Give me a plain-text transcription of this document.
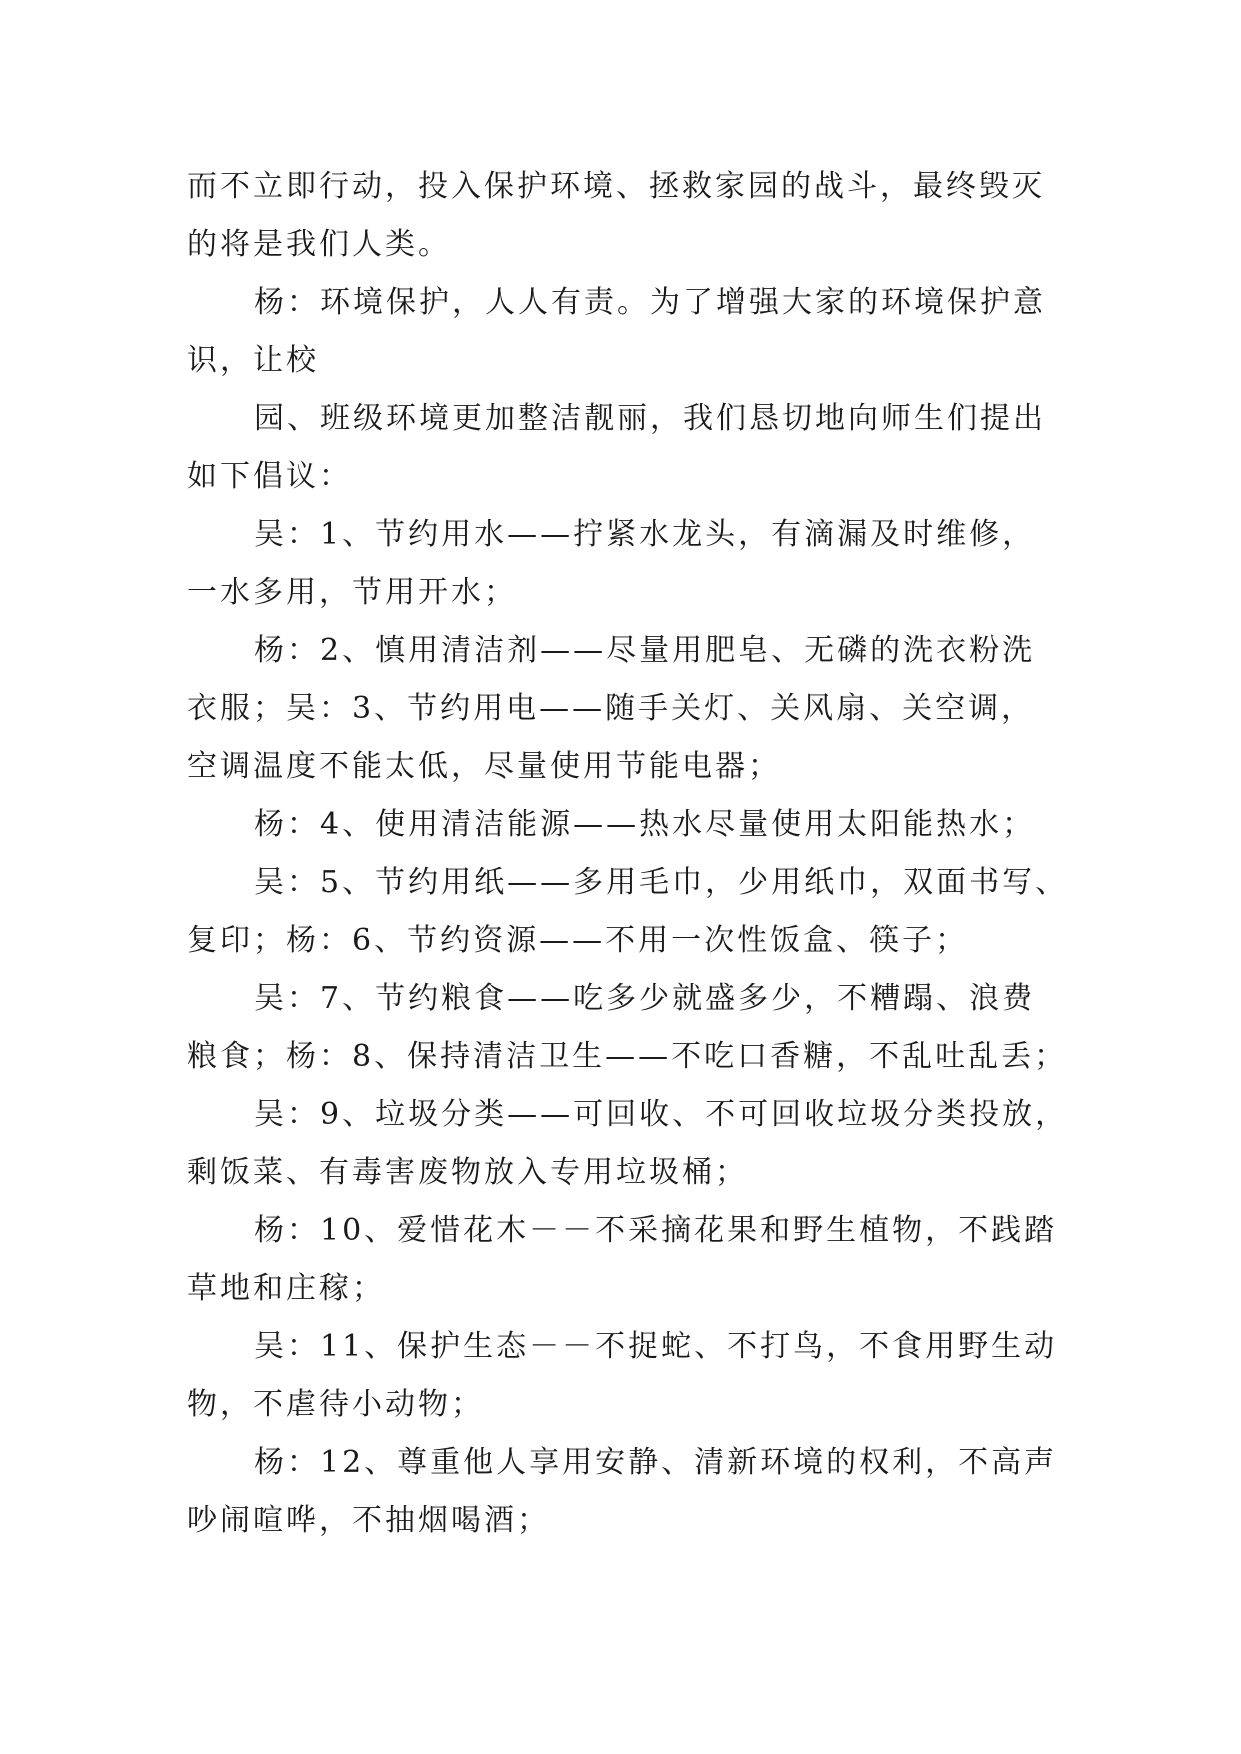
而不立即行动，投入保护环境、拯救家园的战斗，最终毁灭
的将是我们人类。
杨：环境保护，人人有责。为了增强大家的环境保护意
识，让校
园、班级环境更加整洁靓丽，我们恳切地向师生们提出
如下倡议：
吴：1、节约用水——拧紧水龙头，有滴漏及时维修，
一水多用，节用开水；
杨：2、慎用清洁剂——尽量用肥皂、无磷的洗衣粉洗
衣服；吴：3、节约用电——随手关灯、关风扇、关空调，
空调温度不能太低，尽量使用节能电器；
杨：4、使用清洁能源——热水尽量使用太阳能热水；
吴：5、节约用纸——多用毛巾，少用纸巾，双面书写、
复印；杨：6、节约资源——不用一次性饭盒、筷子；
吴：7、节约粮食——吃多少就盛多少，不糟蹋、浪费
粮食；杨：8、保持清洁卫生——不吃口香糖，不乱吐乱丢；
吴：9、垃圾分类——可回收、不可回收垃圾分类投放，
剩饭菜、有毒害废物放入专用垃圾桶；
杨：10、爱惜花木－－不采摘花果和野生植物，不践踏
草地和庄稼；
吴：11、保护生态－－不捉蛇、不打鸟，不食用野生动
物，不虐待小动物；
杨：12、尊重他人享用安静、清新环境的权利，不高声
吵闹喧哗，不抽烟喝酒；
